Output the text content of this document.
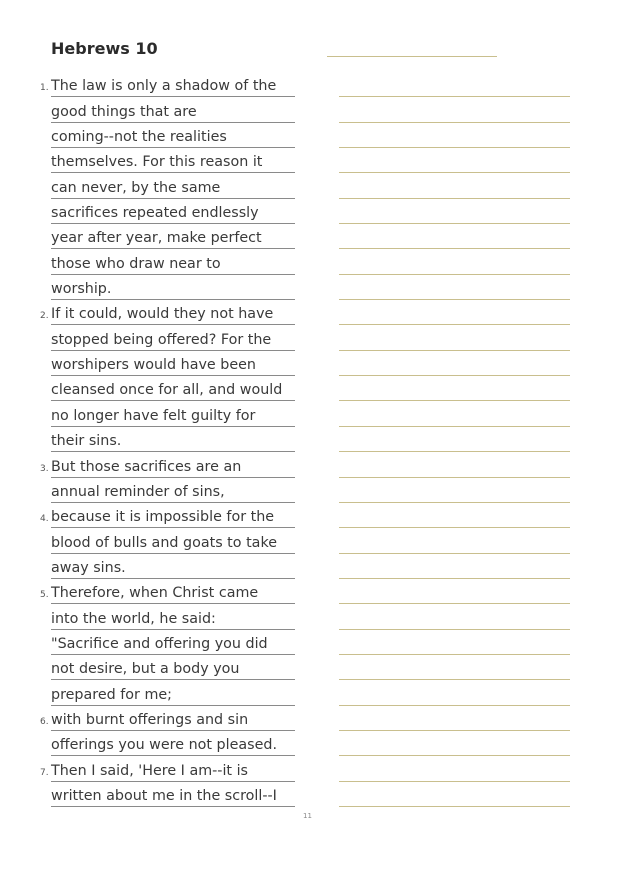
Hebrews 10
1. The law is only a shadow of the
good things that are
coming--not the realities
themselves. For this reason it
can never, by the same
sacrifices repeated endlessly
year after year, make perfect
those who draw near to
worship.
2. If it could, would they not have
stopped being offered? For the
worshipers would have been
cleansed once for all, and would
no longer have felt guilty for
their sins.
3. But those sacrifices are an
annual reminder of sins,
4. because it is impossible for the
blood of bulls and goats to take
away sins.
5. Therefore, when Christ came
into the world, he said:
"Sacrifice and offering you did
not desire, but a body you
prepared for me;
6. with burnt offerings and sin
offerings you were not pleased.
7. Then I said, 'Here I am--it is
written about me in the scroll--I
11
